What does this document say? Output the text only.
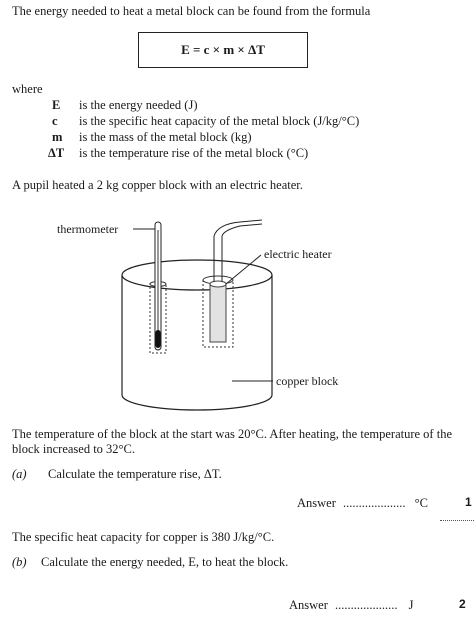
The energy needed to heat a metal block can be found from the formula
E = c × m × ΔT
where
E is the energy needed (J)
c is the specific heat capacity of the metal block (J/kg/°C)
m is the mass of the metal block (kg)
ΔT is the temperature rise of the metal block (°C)
A pupil heated a 2 kg copper block with an electric heater.
thermometer
electric heater
copper block

The temperature of the block at the start was 20°C. After heating, the temperature of the block increased to 32°C.

(a) Calculate the temperature rise, ΔT.
Answer .................... °C	1
The specific heat capacity for copper is 380 J/kg/°C.
(b) Calculate the energy needed, E, to heat the block.
Answer .................... J	2
